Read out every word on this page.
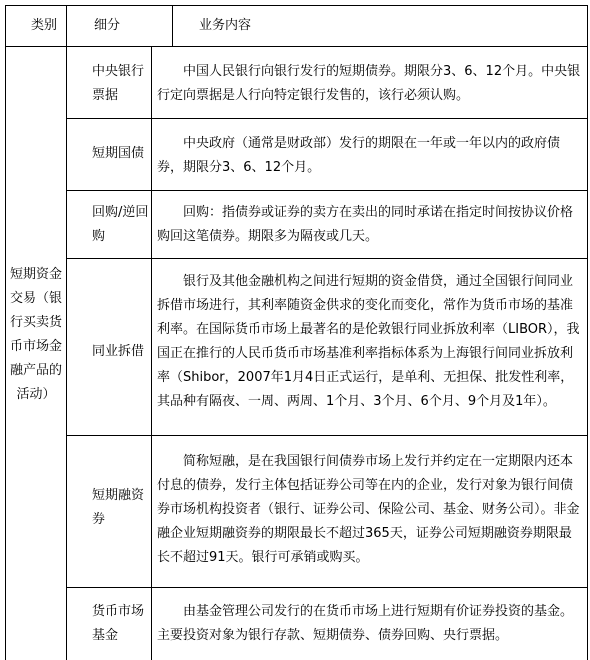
类别	细分	业务内容
短期资金交易（银行买卖货币市场金融产品的活动）
中央银行票据
中国人民银行向银行发行的短期债券。期限分3、6、12个月。中央银行定向票据是人行向特定银行发售的，该行必须认购。
短期国债
中央政府（通常是财政部）发行的期限在一年或一年以内的政府债券，期限分3、6、12个月。
回购/逆回购
回购：指债券或证券的卖方在卖出的同时承诺在指定时间按协议价格购回这笔债券。期限多为隔夜或几天。
同业拆借
银行及其他金融机构之间进行短期的资金借贷，通过全国银行间同业拆借市场进行，其利率随资金供求的变化而变化，常作为货币市场的基准利率。在国际货币市场上最著名的是伦敦银行同业拆放利率（LIBOR），我国正在推行的人民币货币市场基准利率指标体系为上海银行间同业拆放利率（Shibor，2007年1月4日正式运行，是单利、无担保、批发性利率，其品种有隔夜、一周、两周、1个月、3个月、6个月、9个月及1年）。
短期融资券
简称短融，是在我国银行间债券市场上发行并约定在一定期限内还本付息的债券，发行主体包括证券公司等在内的企业，发行对象为银行间债券市场机构投资者（银行、证券公司、保险公司、基金、财务公司）。非金融企业短期融资券的期限最长不超过365天，证券公司短期融资券期限最长不超过91天。银行可承销或购买。
货币市场基金
由基金管理公司发行的在货币市场上进行短期有价证券投资的基金。主要投资对象为银行存款、短期债券、债券回购、央行票据。
